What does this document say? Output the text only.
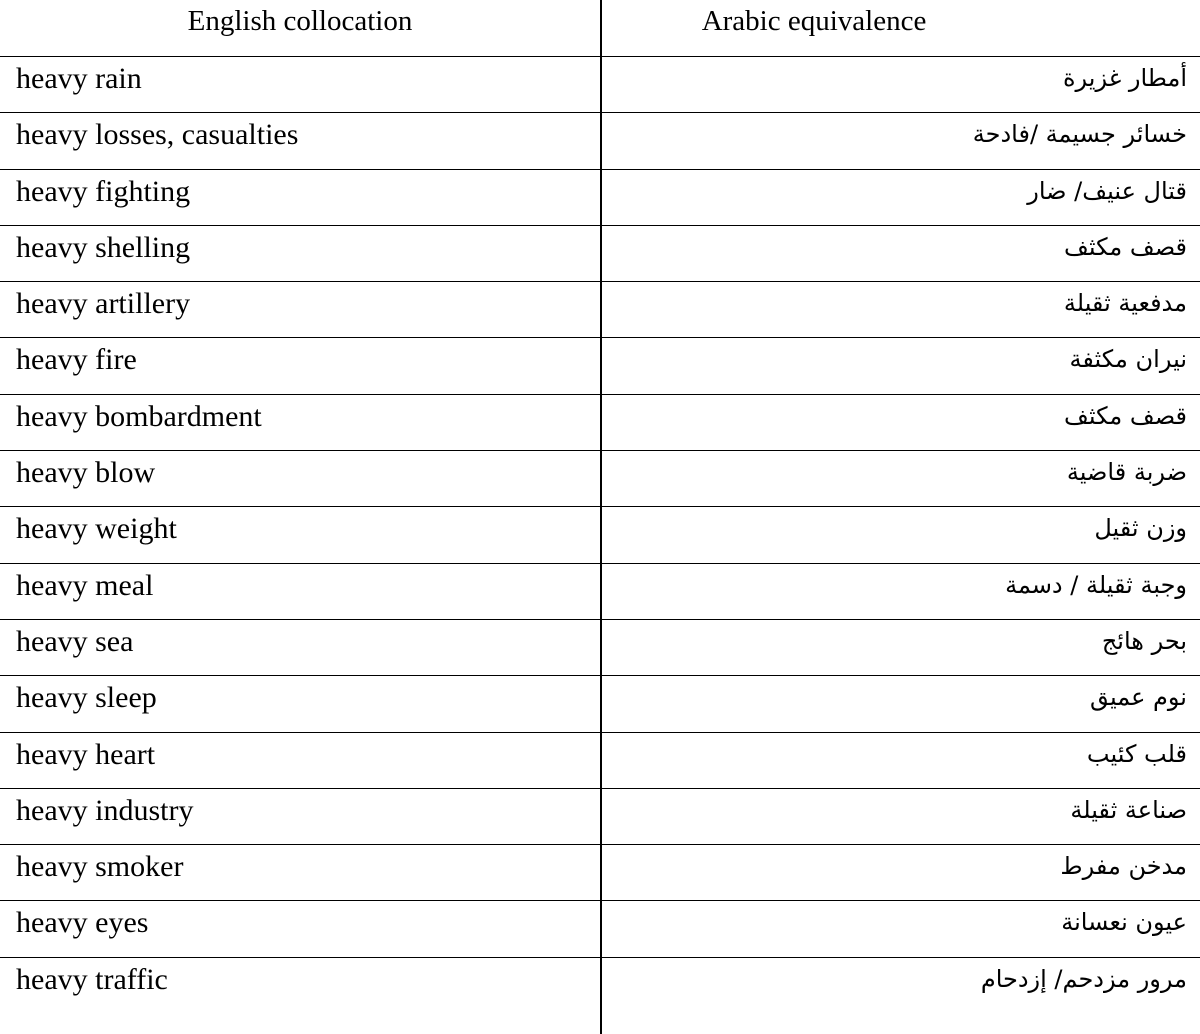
English collocation	Arabic equivalence
heavy rain	أمطار غزيرة
heavy losses, casualties	خسائر جسيمة /فادحة
heavy fighting	قتال عنيف/ ضار
heavy shelling	قصف مكثف
heavy artillery	مدفعية ثقيلة
heavy fire	نيران مكثفة
heavy bombardment	قصف مكثف
heavy blow	ضربة قاضية
heavy weight	وزن ثقيل
heavy meal	وجبة ثقيلة / دسمة
heavy sea	بحر هائج
heavy sleep	نوم عميق
heavy heart	قلب كئيب
heavy industry	صناعة ثقيلة
heavy smoker	مدخن مفرط
heavy eyes	عيون نعسانة
heavy traffic	مرور مزدحم/ إزدحام
